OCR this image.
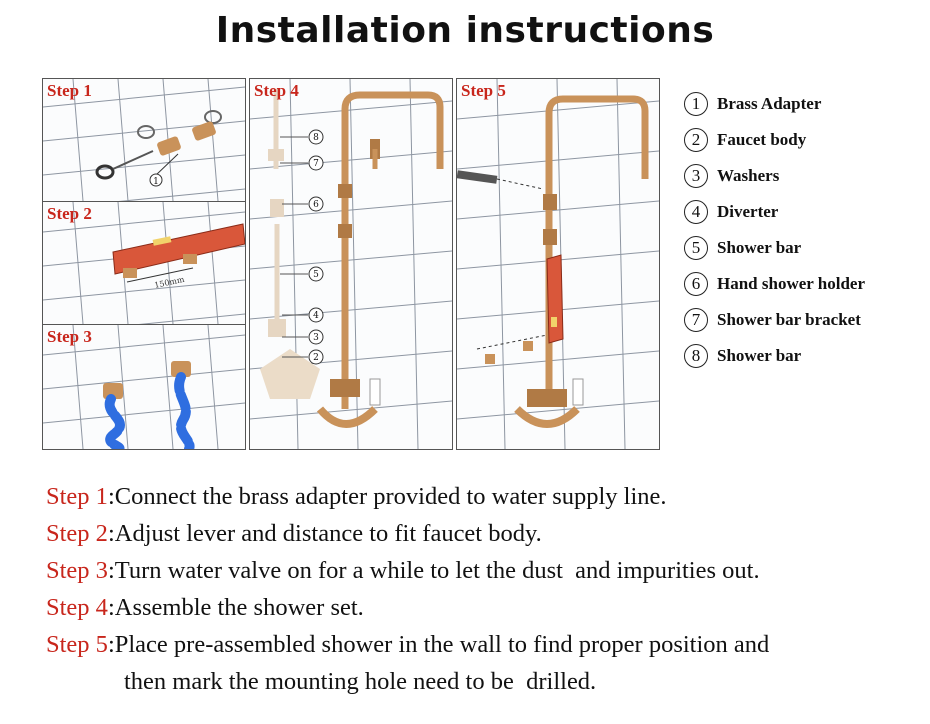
Installation instructions
1
Step 1
150mm
Step 2
Step 3
8
7
6
5
4
3
2
Step 4	Step 5
1 Brass Adapter
2 Faucet body
3 Washers
4 Diverter
5 Shower bar
6 Hand shower holder
7 Shower bar bracket
8 Shower bar
Step 1:Connect the brass adapter provided to water supply line.
Step 2:Adjust lever and distance to fit faucet body.
Step 3:Turn water valve on for a while to let the dust  and impurities out.
Step 4:Assemble the shower set.
Step 5:Place pre-assembled shower in the wall to find proper position and
then mark the mounting hole need to be  drilled.
